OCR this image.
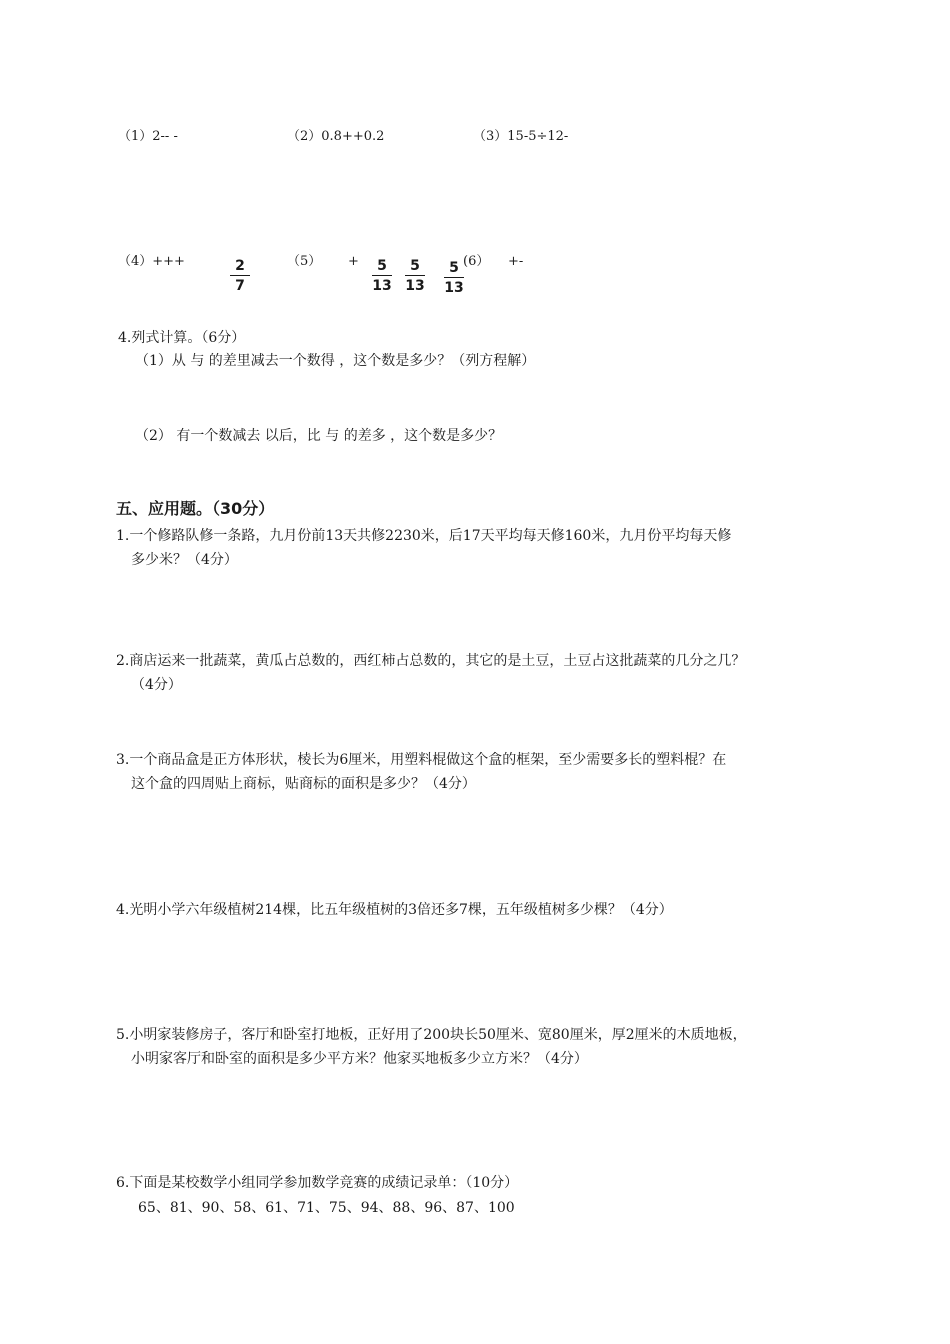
（1）2-- -	（2）0.8++0.2	（3）15-5÷12-
（4）+++	2
7
（5） +	5
13
5
13
5
13
(6） +-
4.列式计算。（6分）
（1）从 与 的差里减去一个数得 ，这个数是多少？（列方程解）
（2） 有一个数减去 以后，比 与 的差多 ，这个数是多少？
五、应用题。（30分）
1.一个修路队修一条路，九月份前13天共修2230米，后17天平均每天修160米，九月份平均每天修
多少米？（4分）
2.商店运来一批蔬菜，黄瓜占总数的，西红柿占总数的，其它的是土豆，土豆占这批蔬菜的几分之几？
（4分）
3.一个商品盒是正方体形状，棱长为6厘米，用塑料棍做这个盒的框架，至少需要多长的塑料棍？在
这个盒的四周贴上商标，贴商标的面积是多少？（4分）
4.光明小学六年级植树214棵，比五年级植树的3倍还多7棵，五年级植树多少棵？（4分）
5.小明家装修房子，客厅和卧室打地板，正好用了200块长50厘米、宽80厘米，厚2厘米的木质地板，
小明家客厅和卧室的面积是多少平方米？他家买地板多少立方米？（4分）
6.下面是某校数学小组同学参加数学竞赛的成绩记录单：（10分）
65、81、90、58、61、71、75、94、88、96、87、100
